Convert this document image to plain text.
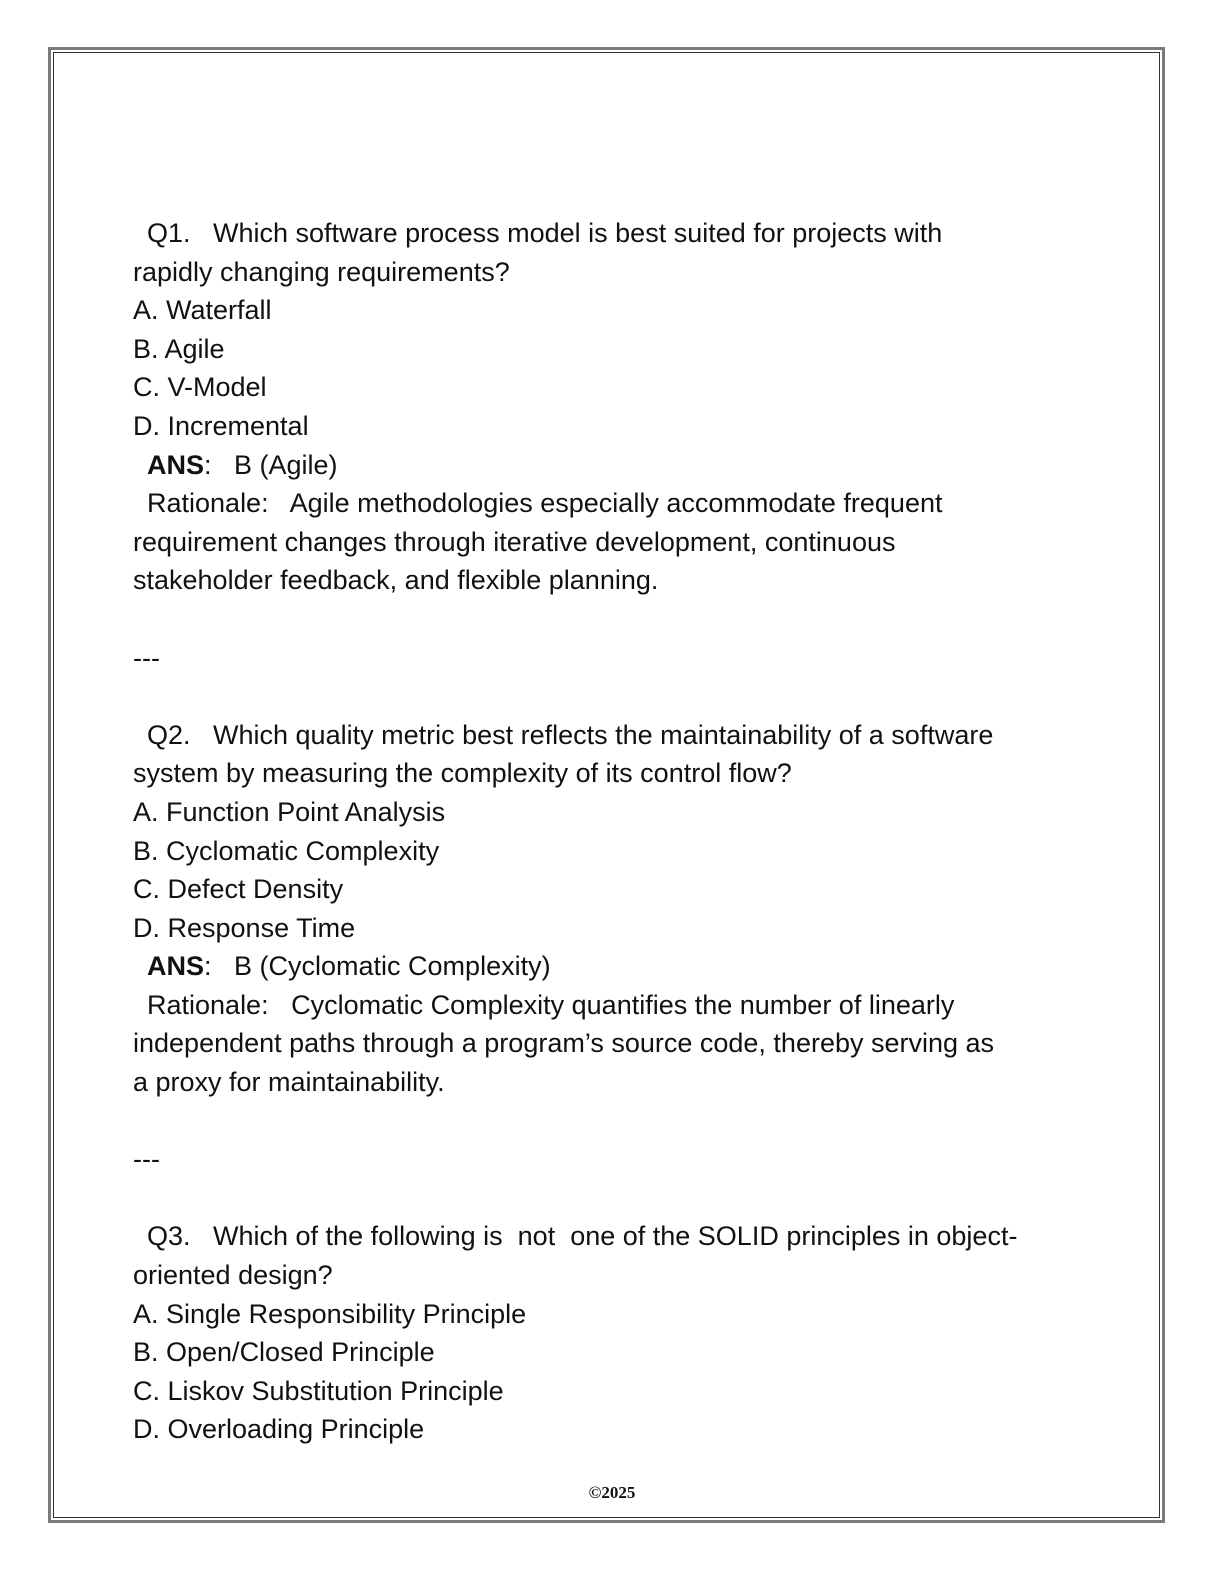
Q1.   Which software process model is best suited for projects with
rapidly changing requirements?
A. Waterfall
B. Agile
C. V-Model
D. Incremental
ANS:   B (Agile)
Rationale:   Agile methodologies especially accommodate frequent
requirement changes through iterative development, continuous
stakeholder feedback, and flexible planning.
---
Q2.   Which quality metric best reflects the maintainability of a software
system by measuring the complexity of its control flow?
A. Function Point Analysis
B. Cyclomatic Complexity
C. Defect Density
D. Response Time
ANS:   B (Cyclomatic Complexity)
Rationale:   Cyclomatic Complexity quantifies the number of linearly
independent paths through a program’s source code, thereby serving as
a proxy for maintainability.
---
Q3.   Which of the following is  not  one of the SOLID principles in object-
oriented design?
A. Single Responsibility Principle
B. Open/Closed Principle
C. Liskov Substitution Principle
D. Overloading Principle
©2025
